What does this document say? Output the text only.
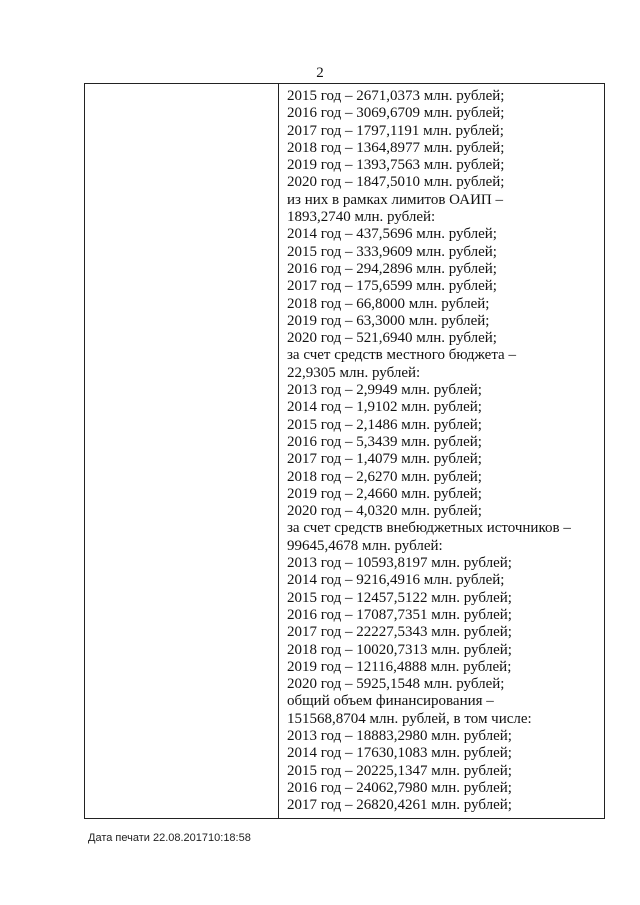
2
2015 год – 2671,0373 млн. рублей;
2016 год – 3069,6709 млн. рублей;
2017 год – 1797,1191 млн. рублей;
2018 год – 1364,8977 млн. рублей;
2019 год – 1393,7563 млн. рублей;
2020 год – 1847,5010 млн. рублей;
из них в рамках лимитов ОАИП –
1893,2740 млн. рублей:
2014 год – 437,5696 млн. рублей;
2015 год – 333,9609 млн. рублей;
2016 год – 294,2896 млн. рублей;
2017 год – 175,6599 млн. рублей;
2018 год – 66,8000 млн. рублей;
2019 год – 63,3000 млн. рублей;
2020 год – 521,6940 млн. рублей;
за счет средств местного бюджета –
22,9305 млн. рублей:
2013 год – 2,9949 млн. рублей;
2014 год – 1,9102 млн. рублей;
2015 год – 2,1486 млн. рублей;
2016 год – 5,3439 млн. рублей;
2017 год – 1,4079 млн. рублей;
2018 год – 2,6270 млн. рублей;
2019 год – 2,4660 млн. рублей;
2020 год – 4,0320 млн. рублей;
за счет средств внебюджетных источников –
99645,4678 млн. рублей:
2013 год – 10593,8197 млн. рублей;
2014 год – 9216,4916 млн. рублей;
2015 год – 12457,5122 млн. рублей;
2016 год – 17087,7351 млн. рублей;
2017 год – 22227,5343 млн. рублей;
2018 год – 10020,7313 млн. рублей;
2019 год – 12116,4888 млн. рублей;
2020 год – 5925,1548 млн. рублей;
общий объем финансирования –
151568,8704 млн. рублей, в том числе:
2013 год – 18883,2980 млн. рублей;
2014 год – 17630,1083 млн. рублей;
2015 год – 20225,1347 млн. рублей;
2016 год – 24062,7980 млн. рублей;
2017 год – 26820,4261 млн. рублей;
Дата печати 22.08.201710:18:58
